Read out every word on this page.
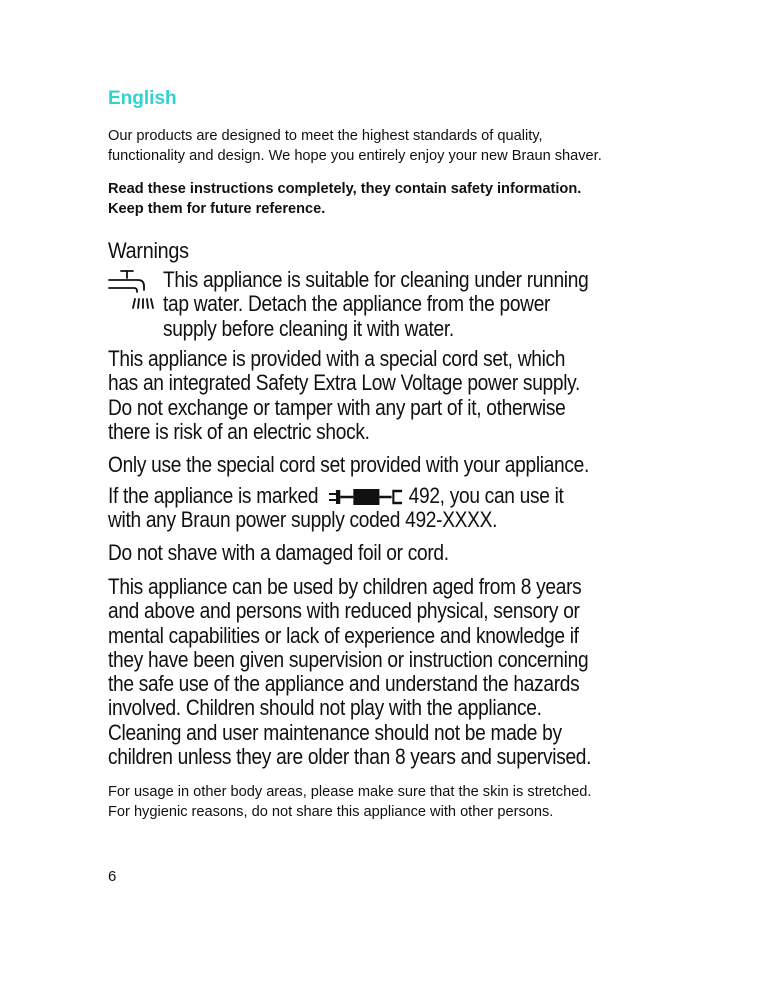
English
Our products are designed to meet the highest standards of quality,
functionality and design. We hope you entirely enjoy your new Braun shaver.
Read these instructions completely, they contain safety information.
Keep them for future reference.
Warnings
This appliance is suitable for cleaning under running
tap water. Detach the appliance from the power
supply before cleaning it with water.
This appliance is provided with a special cord set, which
has an integrated Safety Extra Low Voltage power supply.
Do not exchange or tamper with any part of it, otherwise
there is risk of an electric shock.
Only use the special cord set provided with your appliance.
If the appliance is marked	492, you can use it
with any Braun power supply coded 492-XXXX.
Do not shave with a damaged foil or cord.
This appliance can be used by children aged from 8 years
and above and persons with reduced physical, sensory or
mental capabilities or lack of experience and knowledge if
they have been given supervision or instruction concerning
the safe use of the appliance and understand the hazards
involved. Children should not play with the appliance.
Cleaning and user maintenance should not be made by
children unless they are older than 8 years and supervised.
For usage in other body areas, please make sure that the skin is stretched.
For hygienic reasons, do not share this appliance with other persons.
6
